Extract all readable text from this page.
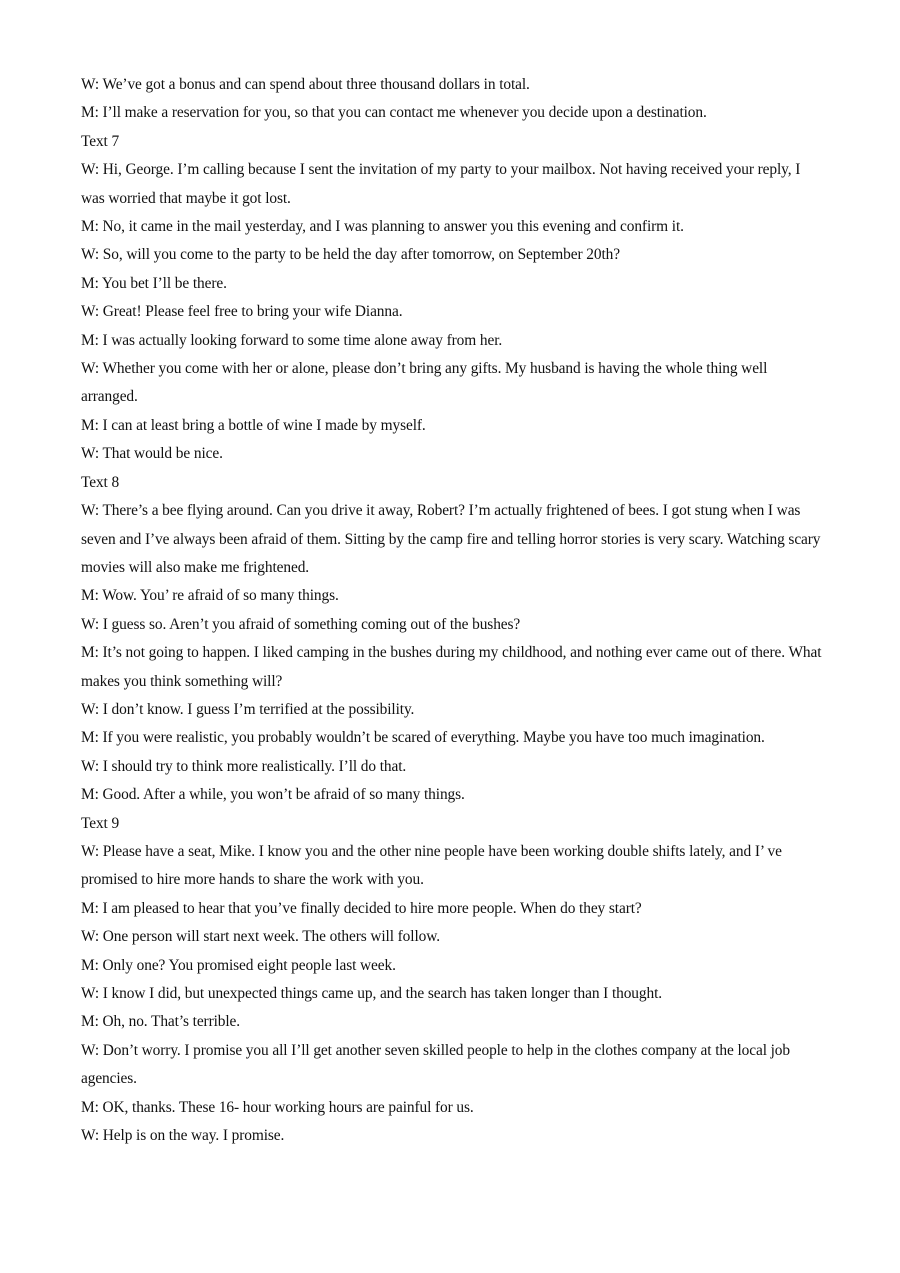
W: We’ve got a bonus and can spend about three thousand dollars in total.

M: I’ll make a reservation for you, so that you can contact me whenever you decide upon a destination.

Text 7

W: Hi, George. I’m calling because I sent the invitation of my party to your mailbox. Not having received your reply, I was worried that maybe it got lost.

M: No, it came in the mail yesterday, and I was planning to answer you this evening and confirm it.

W: So, will you come to the party to be held the day after tomorrow, on September 20th?

M: You bet I’ll be there.

W: Great! Please feel free to bring your wife Dianna.

M: I was actually looking forward to some time alone away from her.

W: Whether you come with her or alone, please don’t bring any gifts. My husband is having the whole thing well arranged.

M: I can at least bring a bottle of wine I made by myself.

W: That would be nice.

Text 8

W: There’s a bee flying around. Can you drive it away, Robert? I’m actually frightened of bees. I got stung when I was seven and I’ve always been afraid of them. Sitting by the camp fire and telling horror stories is very scary. Watching scary movies will also make me frightened.

M: Wow. You’ re afraid of so many things.

W: I guess so. Aren’t you afraid of something coming out of the bushes?

M: It’s not going to happen. I liked camping in the bushes during my childhood, and nothing ever came out of there. What makes you think something will?

W: I don’t know. I guess I’m terrified at the possibility.

M: If you were realistic, you probably wouldn’t be scared of everything. Maybe you have too much imagination.

W: I should try to think more realistically. I’ll do that.

M: Good. After a while, you won’t be afraid of so many things.

Text 9

W: Please have a seat, Mike. I know you and the other nine people have been working double shifts lately, and I’ ve promised to hire more hands to share the work with you.

M: I am pleased to hear that you’ve finally decided to hire more people. When do they start?

W: One person will start next week. The others will follow.

M: Only one? You promised eight people last week.

W: I know I did, but unexpected things came up, and the search has taken longer than I thought.

M: Oh, no. That’s terrible.

W: Don’t worry. I promise you all I’ll get another seven skilled people to help in the clothes company at the local job agencies.

M: OK, thanks. These 16- hour working hours are painful for us.

W: Help is on the way. I promise.
